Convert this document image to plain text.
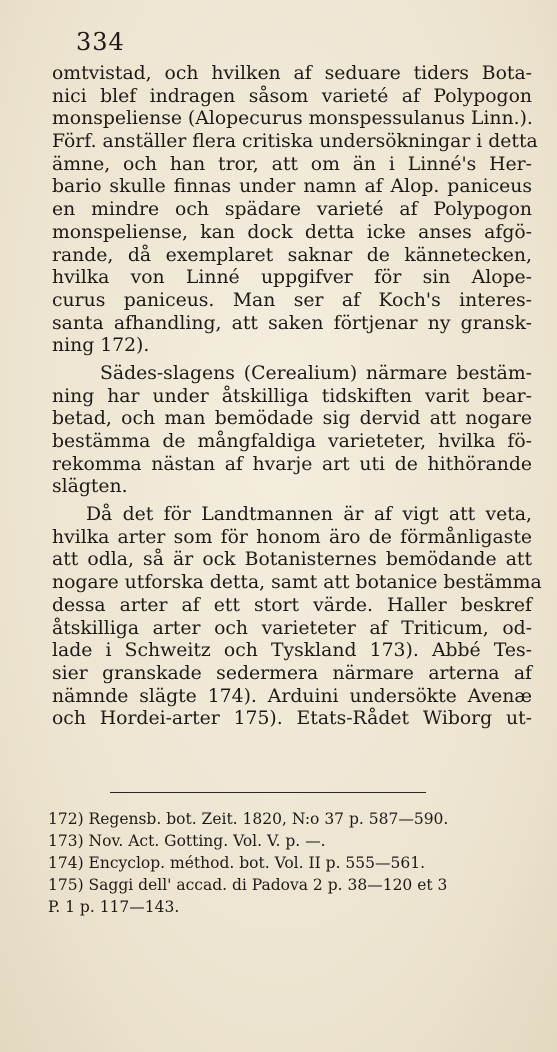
334
omtvistad, och hvilken af seduare tiders Bota-
nici blef indragen såsom varieté af Polypogon
monspeliense (Alopecurus monspessulanus Linn.).
Förf. anställer flera critiska undersökningar i detta
ämne, och han tror, att om än i Linné's Her-
bario skulle finnas under namn af Alop. paniceus
en mindre och spädare varieté af Polypogon
monspeliense, kan dock detta icke anses afgö-
rande, då exemplaret saknar de kännetecken,
hvilka von Linné uppgifver för sin Alope-
curus paniceus. Man ser af Koch's interes-
santa afhandling, att saken förtjenar ny gransk-
ning 172).
Sädes-slagens (Cerealium) närmare bestäm-
ning har under åtskilliga tidskiften varit bear-
betad, och man bemödade sig dervid att nogare
bestämma de mångfaldiga varieteter, hvilka fö-
rekomma nästan af hvarje art uti de hithörande
slägten.
Då det för Landtmannen är af vigt att veta,
hvilka arter som för honom äro de förmånligaste
att odla, så är ock Botanisternes bemödande att
nogare utforska detta, samt att botanice bestämma
dessa arter af ett stort värde. Haller beskref
åtskilliga arter och varieteter af Triticum, od-
lade i Schweitz och Tyskland 173). Abbé Tes-
sier granskade sedermera närmare arterna af
nämnde slägte 174). Arduini undersökte Avenæ
och Hordei-arter 175). Etats-Rådet Wiborg ut-
172) Regensb. bot. Zeit. 1820, N:o 37 p. 587—590.
173) Nov. Act. Gotting. Vol. V. p. —.
174) Encyclop. méthod. bot. Vol. II p. 555—561.
175) Saggi dell' accad. di Padova 2 p. 38—120 et 3
P. 1 p. 117—143.
